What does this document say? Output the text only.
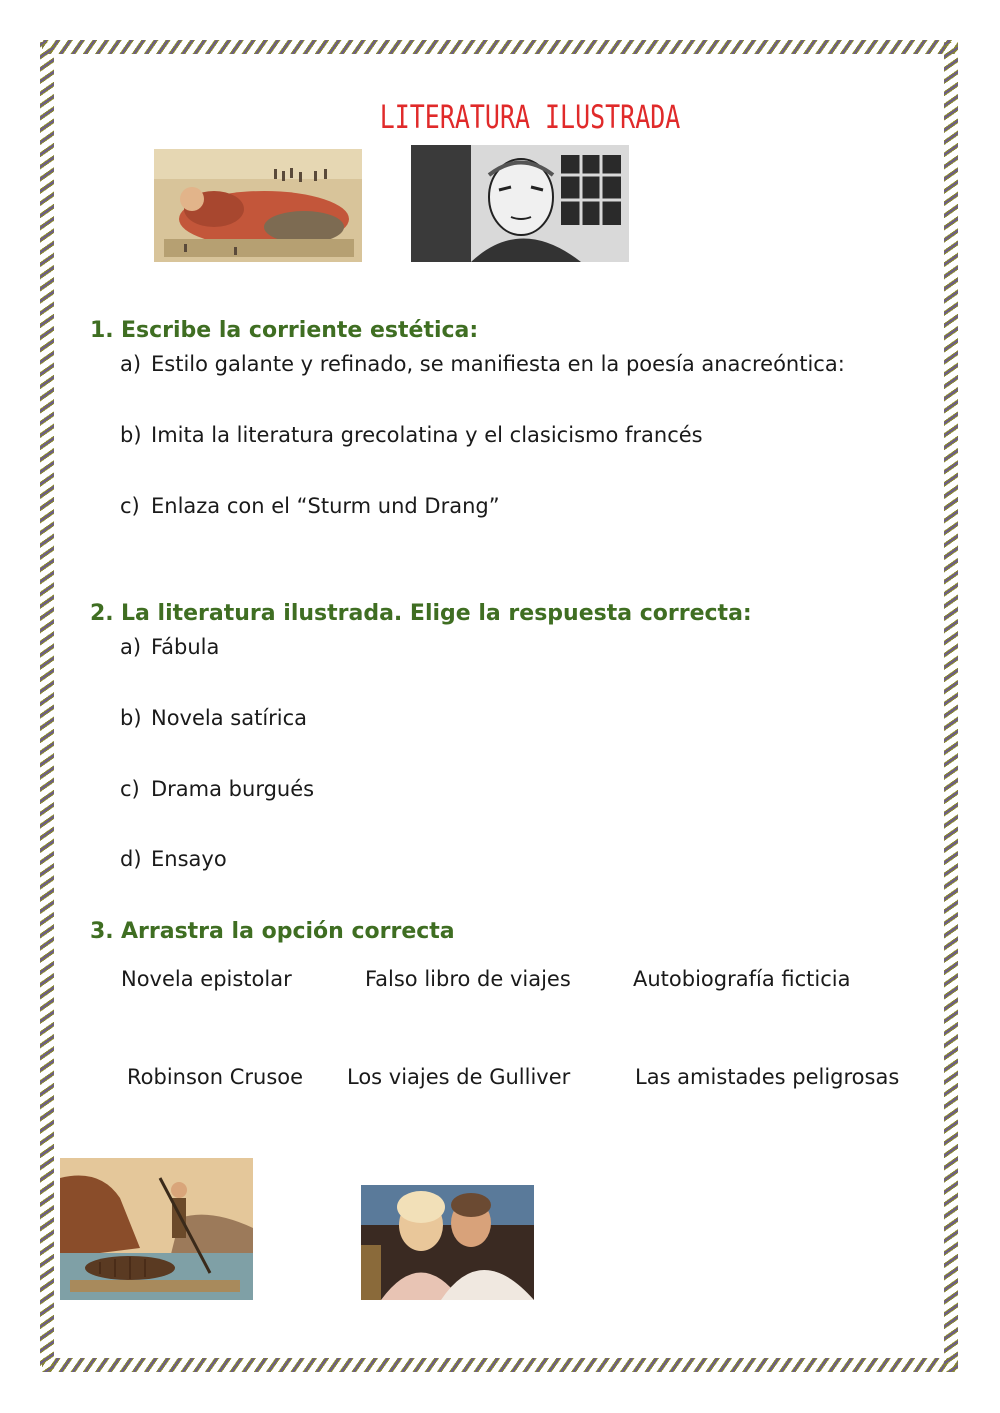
LITERATURA ILUSTRADA
1. Escribe la corriente estética:
a) Estilo galante y refinado, se manifiesta en la poesía anacreóntica:
b) Imita la literatura grecolatina y el clasicismo francés
c) Enlaza con el “Sturm und Drang”
2. La literatura ilustrada. Elige la respuesta correcta:
a) Fábula
b) Novela satírica
c) Drama burgués
d) Ensayo
3. Arrastra la opción correcta
Novela epistolar	Falso libro de viajes	Autobiografía ficticia
Robinson Crusoe Los viajes de Gulliver	Las amistades peligrosas
